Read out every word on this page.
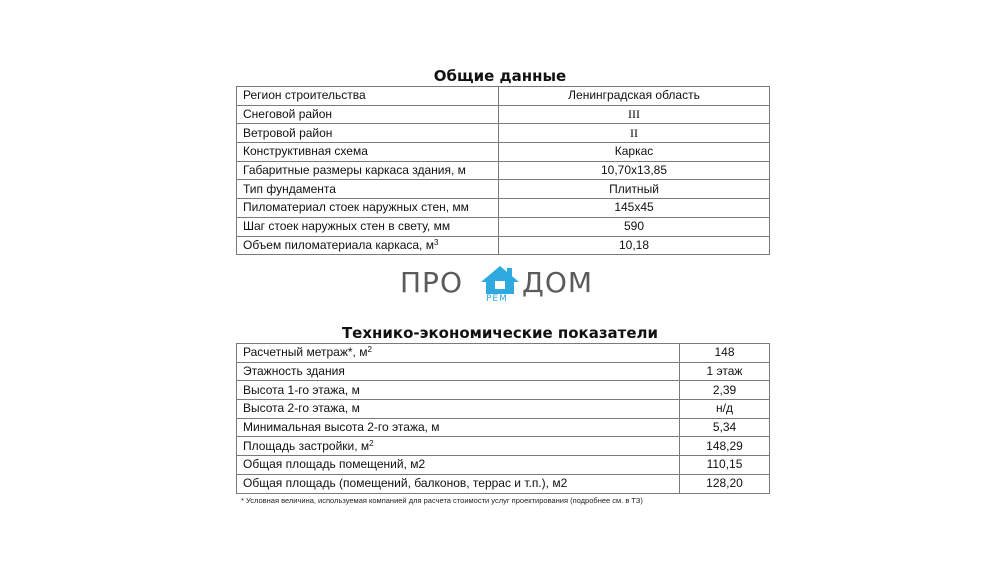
Общие данные
Регион строительства	Ленинградская область
Снеговой район	III
Ветровой район	II
Конструктивная схема	Каркас
Габаритные размеры каркаса здания, м	10,70x13,85
Тип фундамента	Плитный
Пиломатериал стоек наружных стен, мм	145x45
Шаг стоек наружных стен в свету, мм	590
Объем пиломатериала каркаса, $м^3$	10,18
ПРО	РЕМ ДОМ
Технико-экономические показатели
Расчетный метраж*, $м^2$	148
Этажность здания	1 этаж
Высота 1-го этажа, м	2,39
Высота 2-го этажа, м	н/д
Минимальная высота 2-го этажа, м	5,34
Площадь застройки, $м^2$	148,29
Общая площадь помещений, м2	110,15
Общая площадь (помещений, балконов, террас и т.п.), м2	128,20
* Условная величина, используемая компанией для расчета стоимости услуг проектирования (подробнее см. в ТЗ)
